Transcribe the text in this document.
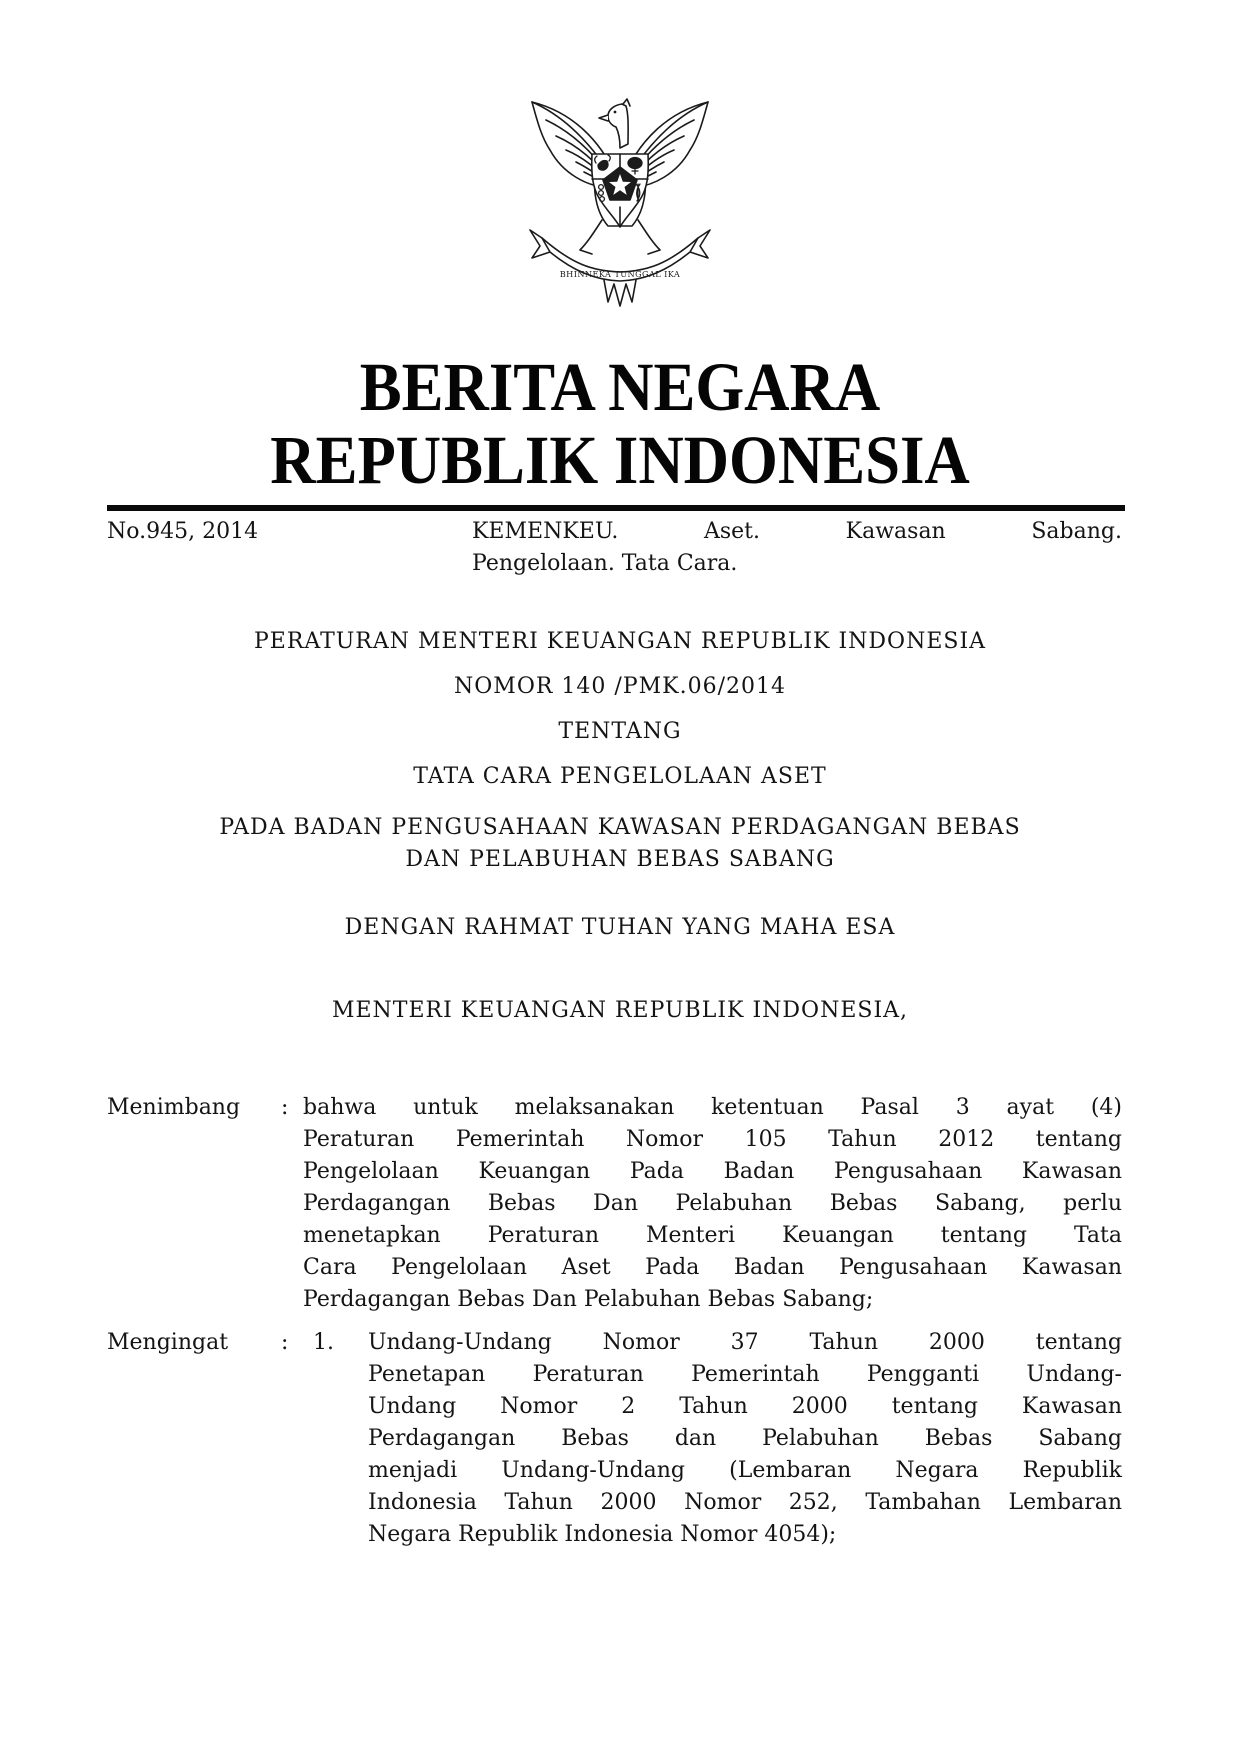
BHINNEKA TUNGGAL IKA
BERITA NEGARA
REPUBLIK INDONESIA
No.945, 2014	KEMENKEU. Aset. Kawasan Sabang.
Pengelolaan. Tata Cara.
PERATURAN MENTERI KEUANGAN REPUBLIK INDONESIA
NOMOR 140 /PMK.06/2014
TENTANG
TATA CARA PENGELOLAAN ASET
PADA BADAN PENGUSAHAAN KAWASAN PERDAGANGAN BEBAS
DAN PELABUHAN BEBAS SABANG
DENGAN RAHMAT TUHAN YANG MAHA ESA
MENTERI KEUANGAN REPUBLIK INDONESIA,
Menimbang : bahwa untuk melaksanakan ketentuan Pasal 3 ayat (4)
Peraturan Pemerintah Nomor 105 Tahun 2012 tentang
Pengelolaan Keuangan Pada Badan Pengusahaan Kawasan
Perdagangan Bebas Dan Pelabuhan Bebas Sabang, perlu
menetapkan Peraturan Menteri Keuangan tentang Tata
Cara Pengelolaan Aset Pada Badan Pengusahaan Kawasan
Perdagangan Bebas Dan Pelabuhan Bebas Sabang;
Mengingat : 1. Undang-Undang Nomor 37 Tahun 2000 tentang
Penetapan Peraturan Pemerintah Pengganti Undang-
Undang Nomor 2 Tahun 2000 tentang Kawasan
Perdagangan Bebas dan Pelabuhan Bebas Sabang
menjadi Undang-Undang (Lembaran Negara Republik
Indonesia Tahun 2000 Nomor 252, Tambahan Lembaran
Negara Republik Indonesia Nomor 4054);
